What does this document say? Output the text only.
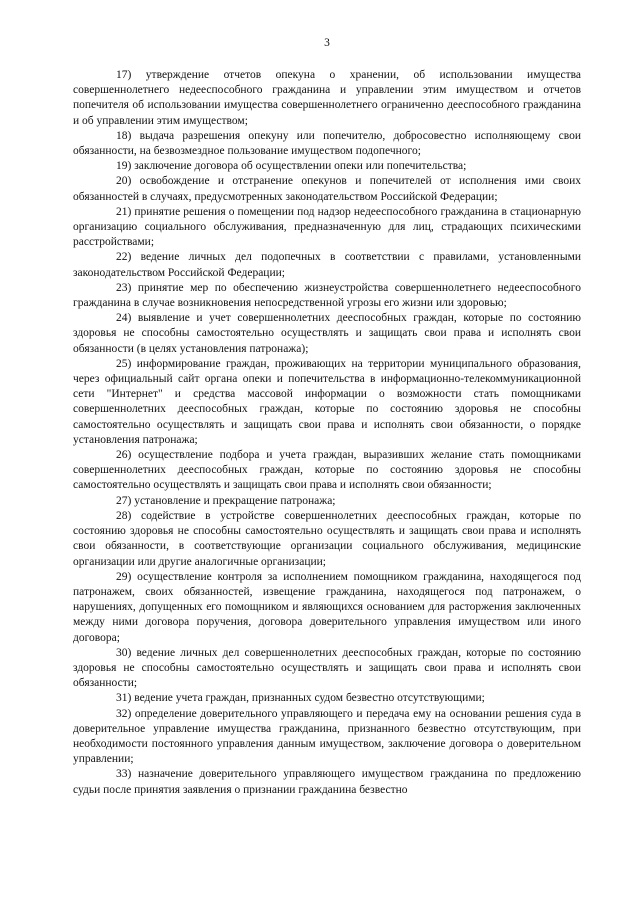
3

17) утверждение отчетов опекуна о хранении, об использовании имущества совершеннолетнего недееспособного гражданина и управлении этим имуществом и отчетов попечителя об использовании имущества совершеннолетнего ограниченно дееспособного гражданина и об управлении этим имуществом;

18) выдача разрешения опекуну или попечителю, добросовестно исполняющему свои обязанности, на безвозмездное пользование имуществом подопечного;

19) заключение договора об осуществлении опеки или попечительства;

20) освобождение и отстранение опекунов и попечителей от исполнения ими своих обязанностей в случаях, предусмотренных законодательством Российской Федерации;

21) принятие решения о помещении под надзор недееспособного гражданина в стационарную организацию социального обслуживания, предназначенную для лиц, страдающих психическими расстройствами;

22) ведение личных дел подопечных в соответствии с правилами, установленными законодательством Российской Федерации;

23) принятие мер по обеспечению жизнеустройства совершеннолетнего недееспособного гражданина в случае возникновения непосредственной угрозы его жизни или здоровью;

24) выявление и учет совершеннолетних дееспособных граждан, которые по состоянию здоровья не способны самостоятельно осуществлять и защищать свои права и исполнять свои обязанности (в целях установления патронажа);

25) информирование граждан, проживающих на территории муниципального образования, через официальный сайт органа опеки и попечительства в информационно-телекоммуникационной сети "Интернет" и средства массовой информации о возможности стать помощниками совершеннолетних дееспособных граждан, которые по состоянию здоровья не способны самостоятельно осуществлять и защищать свои права и исполнять свои обязанности, о порядке установления патронажа;

26) осуществление подбора и учета граждан, выразивших желание стать помощниками совершеннолетних дееспособных граждан, которые по состоянию здоровья не способны самостоятельно осуществлять и защищать свои права и исполнять свои обязанности;

27) установление и прекращение патронажа;

28) содействие в устройстве совершеннолетних дееспособных граждан, которые по состоянию здоровья не способны самостоятельно осуществлять и защищать свои права и исполнять свои обязанности, в соответствующие организации социального обслуживания, медицинские организации или другие аналогичные организации;

29) осуществление контроля за исполнением помощником гражданина, находящегося под патронажем, своих обязанностей, извещение гражданина, находящегося под патронажем, о нарушениях, допущенных его помощником и являющихся основанием для расторжения заключенных между ними договора поручения, договора доверительного управления имуществом или иного договора;

30) ведение личных дел совершеннолетних дееспособных граждан, которые по состоянию здоровья не способны самостоятельно осуществлять и защищать свои права и исполнять свои обязанности;

31) ведение учета граждан, признанных судом безвестно отсутствующими;

32) определение доверительного управляющего и передача ему на основании решения суда в доверительное управление имущества гражданина, признанного безвестно отсутствующим, при необходимости постоянного управления данным имуществом, заключение договора о доверительном управлении;

33) назначение доверительного управляющего имуществом гражданина по предложению судьи после принятия заявления о признании гражданина безвестно
